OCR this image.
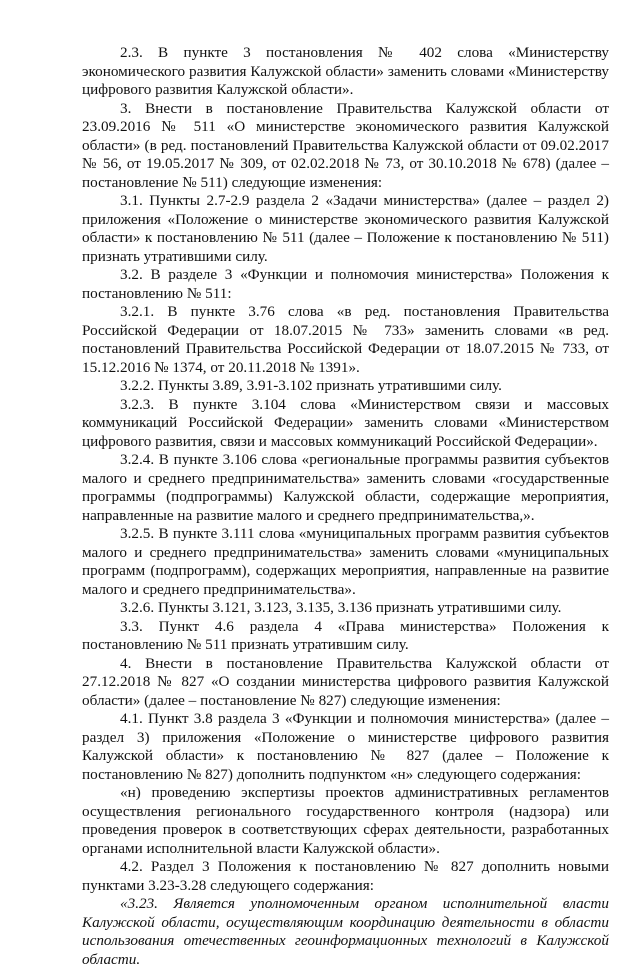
2.3. В пункте 3 постановления № 402 слова «Министерству экономического развития Калужской области» заменить словами «Министерству цифрового развития Калужской области».

3. Внести в постановление Правительства Калужской области от 23.09.2016 № 511 «О министерстве экономического развития Калужской области» (в ред. постановлений Правительства Калужской области от 09.02.2017 № 56, от 19.05.2017 № 309, от 02.02.2018 № 73, от 30.10.2018 № 678) (далее – постановление № 511) следующие изменения:

3.1. Пункты 2.7-2.9 раздела 2 «Задачи министерства» (далее – раздел 2) приложения «Положение о министерстве экономического развития Калужской области» к постановлению № 511 (далее – Положение к постановлению № 511) признать утратившими силу.

3.2. В разделе 3 «Функции и полномочия министерства» Положения к постановлению № 511:

3.2.1. В пункте 3.76 слова «в ред. постановления Правительства Российской Федерации от 18.07.2015 № 733» заменить словами «в ред. постановлений Правительства Российской Федерации от 18.07.2015 № 733, от 15.12.2016 № 1374, от 20.11.2018 № 1391».

3.2.2. Пункты 3.89, 3.91-3.102 признать утратившими силу.

3.2.3. В пункте 3.104 слова «Министерством связи и массовых коммуникаций Российской Федерации» заменить словами «Министерством цифрового развития, связи и массовых коммуникаций Российской Федерации».

3.2.4. В пункте 3.106 слова «региональные программы развития субъектов малого и среднего предпринимательства» заменить словами «государственные программы (подпрограммы) Калужской области, содержащие мероприятия, направленные на развитие малого и среднего предпринимательства,».

3.2.5. В пункте 3.111 слова «муниципальных программ развития субъектов малого и среднего предпринимательства» заменить словами «муниципальных программ (подпрограмм), содержащих мероприятия, направленные на развитие малого и среднего предпринимательства».

3.2.6. Пункты 3.121, 3.123, 3.135, 3.136 признать утратившими силу.

3.3. Пункт 4.6 раздела 4 «Права министерства» Положения к постановлению № 511 признать утратившим силу.

4. Внести в постановление Правительства Калужской области от 27.12.2018 № 827 «О создании министерства цифрового развития Калужской области» (далее – постановление № 827) следующие изменения:

4.1. Пункт 3.8 раздела 3 «Функции и полномочия министерства» (далее – раздел 3) приложения «Положение о министерстве цифрового развития Калужской области» к постановлению № 827 (далее – Положение к постановлению № 827) дополнить подпунктом «н» следующего содержания:

«н) проведению экспертизы проектов административных регламентов осуществления регионального государственного контроля (надзора) или проведения проверок в соответствующих сферах деятельности, разработанных органами исполнительной власти Калужской области».

4.2. Раздел 3 Положения к постановлению № 827 дополнить новыми пунктами 3.23-3.28 следующего содержания:

«3.23. Является уполномоченным органом исполнительной власти Калужской области, осуществляющим координацию деятельности в области использования отечественных геоинформационных технологий в Калужской области.
